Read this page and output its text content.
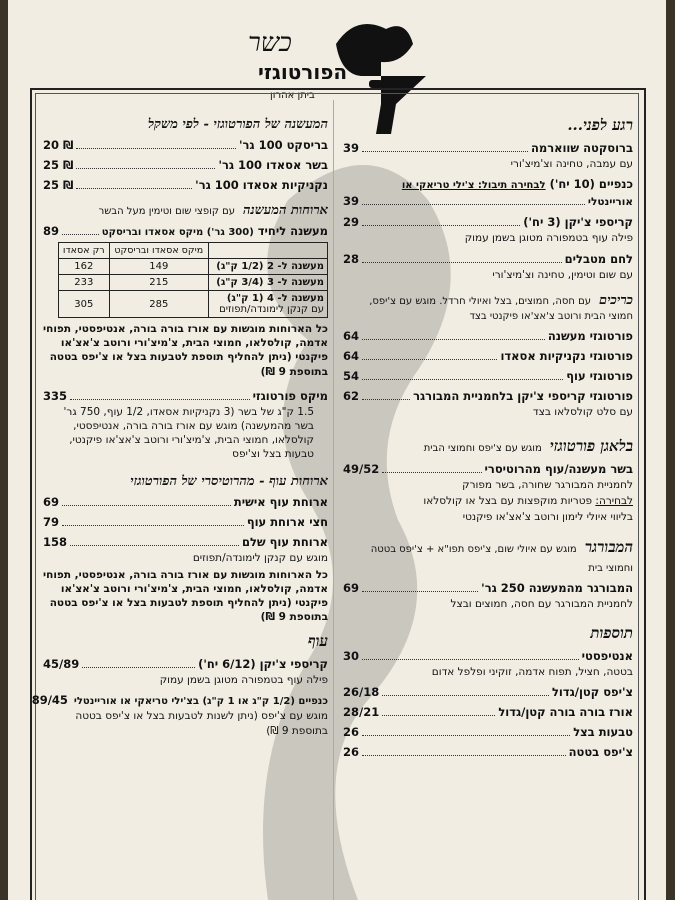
כשר
הפורטוגזי
ביתן אהרון
רגע לפני...
ברוסקטה שווארמה
39
עם עמבה, טחינה וצ'מיצ'ורי
כנפיים (10 יח') לבחירה תיבול: צ'ילי טריאקי או
אוריינטלי
39
קריספי צ'יקן (3 יח')
29
פילה עוף בטמפורה מטוגן בשמן עמוק
לחם מטבלים
28
עם שום וטימין, טחינה וצ'מיצ'ורי
כריכיםעם חסה, חמוצים, בצל ואיולי חרדל. מוגש עם צ'יפס, חמוצי הבית ורוטב צ'אצ'או פיקנטי בצד
פורטוגזי מעשנה
64
פורטוגזי נקניקיות אסאדו
64
פורטוגזי עוף
54
פורטוגזי קריספי צ'יקן בלחמניית המבורגר
62
עם סלט קולסלאו בצד
בלאגן פורטוגזימוגש עם צ'יפס וחמוצי הבית
בשר מעשנה/עוף מהרוטיסרי
49/52
לחמניית המבורגר שחורה, בשר מפורק
לבחירה: פטריות מוקפצות עם בצל או קולסלאו
בליווי איולי לימון ורוטב צ'אצ'או פיקנטי
המבורגרמוגש עם איולי שום, צ'יפס תפו"א + צ'יפס בטטה וחמוצי בית
המבורגר מהמעשנה 250 גר'
69
לחמניית המבורגר עם חסה, חמוצים ובצל
תוספות
אנטיפסטי
30
בטטה, חציל, תפוח אדמה, זוקיני ופלפל אדום
צ'יפס קטן/גדול
26/18
אורז בורה בורה קטן/גדול
28/21
טבעות בצל
26
צ'יפס בטטה
26
המעשנה של הפורטוגזי - לפי משקל
בריסקט 100 גר'
20 ₪
בשר אסאדו 100 גר'
25 ₪
נקניקיות אסאדו 100 גר'
25 ₪
ארוחות המעשנהעם קופצי שום וטימין מעל הבשר
מעשנה ליחיד (300 גר') מיקס אסאדו ובריסקט
89
	מיקס אסאדו ובריסקט	רק אסאדו
מעשנה ל- 2 (1/2 ק"ג)	149	162
מעשנה ל- 3 (3/4 ק"ג)	215	233
מעשנה ל- 4 (1 ק"ג)
עם קנקן לימונדה/תפוזים	285	305
כל הארוחות מוגשות עם אורז בורה בורה, אנטיפסטי, תפוחי אדמה, קולסלאו, חמוצי הבית, צ'מיצ'ורי ורוטב צ'אצ'או פיקנטי (ניתן להחליף תוספת לטבעות בצל או צ'יפס בטטה בתוספת 9 ₪)
מיקס פורטוגזי
335
1.5 ק"ג של בשר (3 נקניקיות אסאדו, 1/2 עוף, 750 גר' בשר מהמעשנה) מוגש עם אורז בורה בורה, אנטיפסטי, קולסלאו, חמוצי הבית, צ'מיצ'ורי ורוטב צ'אצ'או פיקנטי, טבעות בצל וצ'יפס
ארוחות עוף - מהרוטיסרי של הפורטוגזי
ארוחת עוף אישית
69
חצי ארוחת עוף
79
ארוחת עוף שלם
158
מוגש עם קנקן לימונדה/תפוזים
כל הארוחות מוגשות עם אורז בורה בורה, אנטיפסטי, תפוחי אדמה, קולסלאו, חמוצי הבית, צ'מיצ'ורי ורוטב צ'אצ'או פיקנטי (ניתן להחליף תוספת לטבעות בצל או צ'יפס בטטה בתוספת 9 ₪)
עוף
קריספי צ'יקן (6/12 יח')
45/89
פילה עוף בטמפורה מטוגן בשמן עמוק
כנפיים (1/2 ק"ג או 1 ק"ג) בצ'ילי טריאקי או אוריינטלי
89/45
מוגש עם צ'יפס (ניתן לשנות לטבעות בצל או צ'יפס בטטה בתוספת 9 ₪)
